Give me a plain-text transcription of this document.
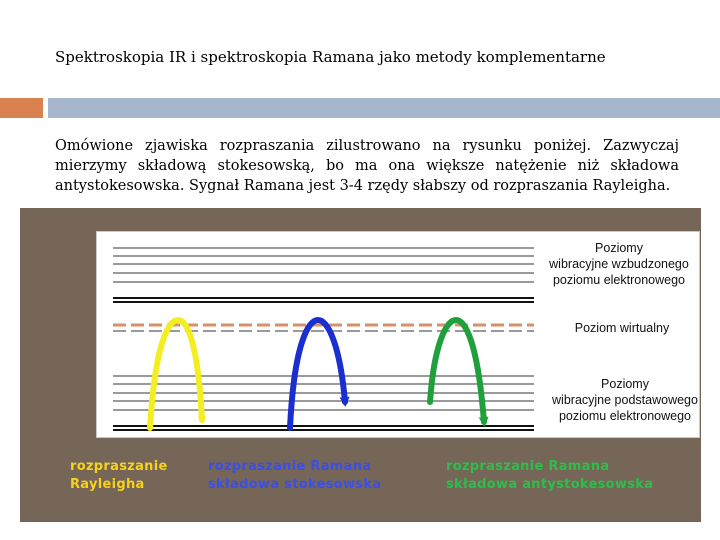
Spektroskopia IR i spektroskopia Ramana jako metody komplementarne
Omówione zjawiska rozpraszania zilustrowano na rysunku poniżej. Zazwyczaj mierzymy składową stokesowską, bo ma ona większe natężenie niż składowa antystokesowska. Sygnał Ramana jest 3-4 rzędy słabszy od rozpraszania Rayleigha.
Poziomy
wibracyjne wzbudzonego
poziomu elektronowego
Poziom wirtualny
Poziomy
wibracyjne podstawowego
poziomu elektronowego
rozpraszanie
Rayleigha
rozpraszanie Ramana
składowa stokesowska
rozpraszanie Ramana
składowa antystokesowska
